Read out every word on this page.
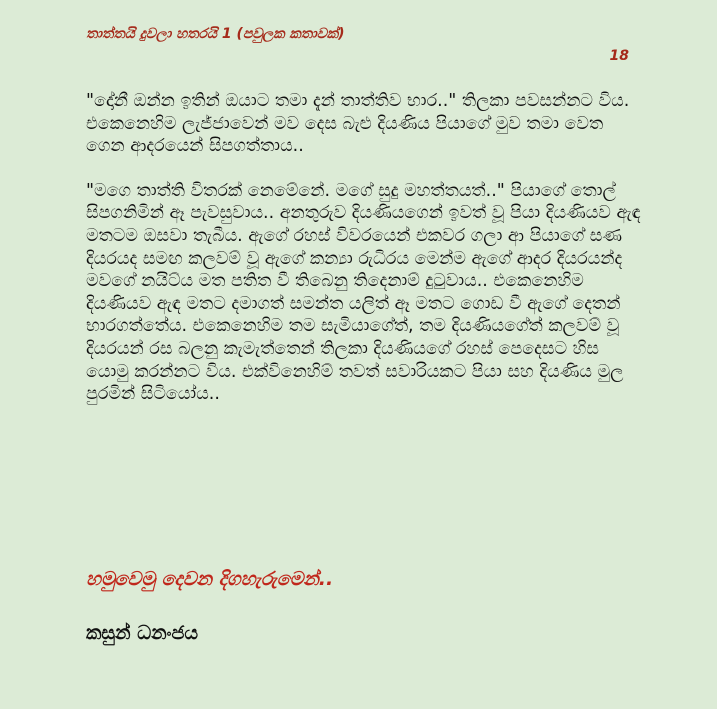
තාත්තයි දුවලා හතරයි 1 (පවුලක කතාවක්)
18

"දෝනී ඔන්න ඉතින් ඔයාට තමා දැන් තාත්තිව භාර.." තිලකා පවසන්නට විය. එකෙනෙහිම ලැජ්ජාවෙන් මව දෙස බැළු දියණිය පියාගේ මුව තමා වෙත ගෙන ආදරයෙන් සිපගත්තාය..

"මගෙ තාත්ති විතරක් නෙමේනේ. මගේ සුදු මහත්තයත්.." පියාගේ තොල් සිපගනිමින් ඈ පැවසුවාය.. අනතුරුව දියණියගෙන් ඉවත් වූ පියා දියණියව ඇඳ මතටම ඔසවා තැබීය. ඇගේ රහස් විවරයෙන් එකවර ගලා ආ පියාගේ සණ දියරයද සමඟ කලවම් වූ ඇගේ කන්‍යා රුධිරය මෙන්ම ඇගේ ආදර දියරයන්ද මවගේ නයිට්ය මත පතිත වී තිබෙනු තිදෙනාම් දුටුවාය.. එකෙනෙහිම දියණියව ඇඳ මතට දමාගත් සමන්ත යලිත් ඈ මතට ගොඩ වී ඇගේ දෙතන් භාරගත්තේය. එකෙනෙහිම තම සැමියාගේත්, තම දියණියගේත් කලවම් වූ දියරයන් රස බලනු කැමැත්තෙන් තිලකා දියණියගේ රහස් පෙදෙසට හිස යොමු කරන්නට විය. එක්විනෙහිම් තවත් සවාරියකට පියා සහ දියණිය මුල පුරමින් සිටියෝය..

හමුවෙමු දෙවන දිගහැරුමෙන්..
කසුන් ධනංජය
